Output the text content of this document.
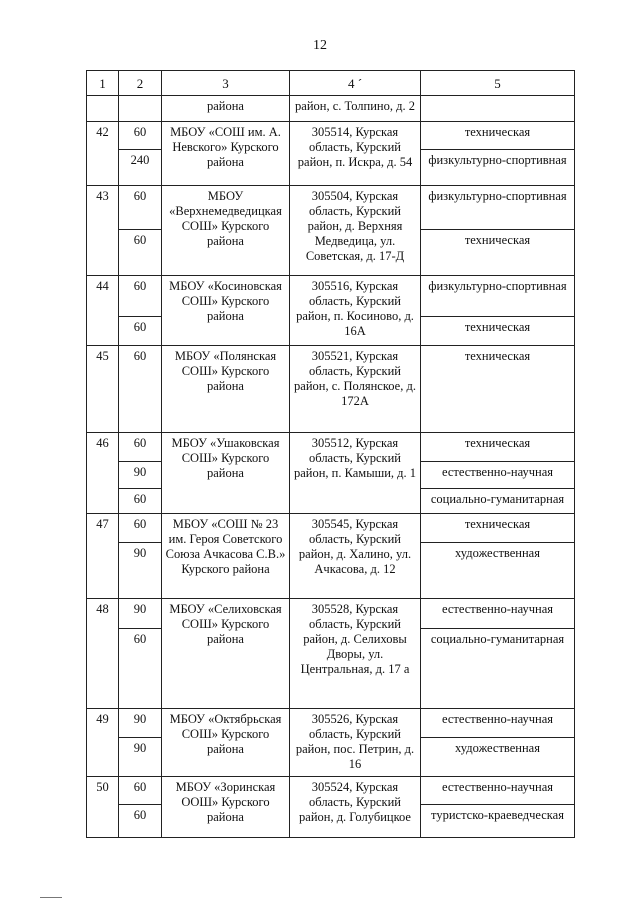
12
1	2	3	4 ´	5
		района	район, с. Толпино, д. 2	
42	60	МБОУ «СОШ им. А. Невского» Курского района	305514, Курская область, Курский район, п. Искра, д. 54	техническая
	240			физкультурно-спортивная
43	60	МБОУ «Верхнемедведицкая СОШ» Курского района	305504, Курская область, Курский район, д. Верхняя Медведица, ул. Советская, д. 17-Д	физкультурно-спортивная
	60			техническая
44	60	МБОУ «Косиновская СОШ» Курского района	305516, Курская область, Курский район, п. Косиново, д. 16А	физкультурно-спортивная
	60			техническая
45	60	МБОУ «Полянская СОШ» Курского района	305521, Курская область, Курский район, с. Полянское, д. 172А	техническая
46	60	МБОУ «Ушаковская СОШ» Курского района	305512, Курская область, Курский район, п. Камыши, д. 1	техническая
	90			естественно-научная
	60			социально-гуманитарная
47	60	МБОУ «СОШ № 23 им. Героя Советского Союза Ачкасова С.В.» Курского района	305545, Курская область, Курский район, д. Халино, ул. Ачкасова, д. 12	техническая
	90			художественная
48	90	МБОУ «Селиховская СОШ» Курского района	305528, Курская область, Курский район, д. Селиховы Дворы, ул. Центральная, д. 17 а	естественно-научная
	60			социально-гуманитарная
49	90	МБОУ «Октябрьская СОШ» Курского района	305526, Курская область, Курский район, пос. Петрин, д. 16	естественно-научная
	90			художественная
50	60	МБОУ «Зоринская ООШ» Курского района	305524, Курская область, Курский район, д. Голубицкое	естественно-научная
	60			туристско-краеведческая
